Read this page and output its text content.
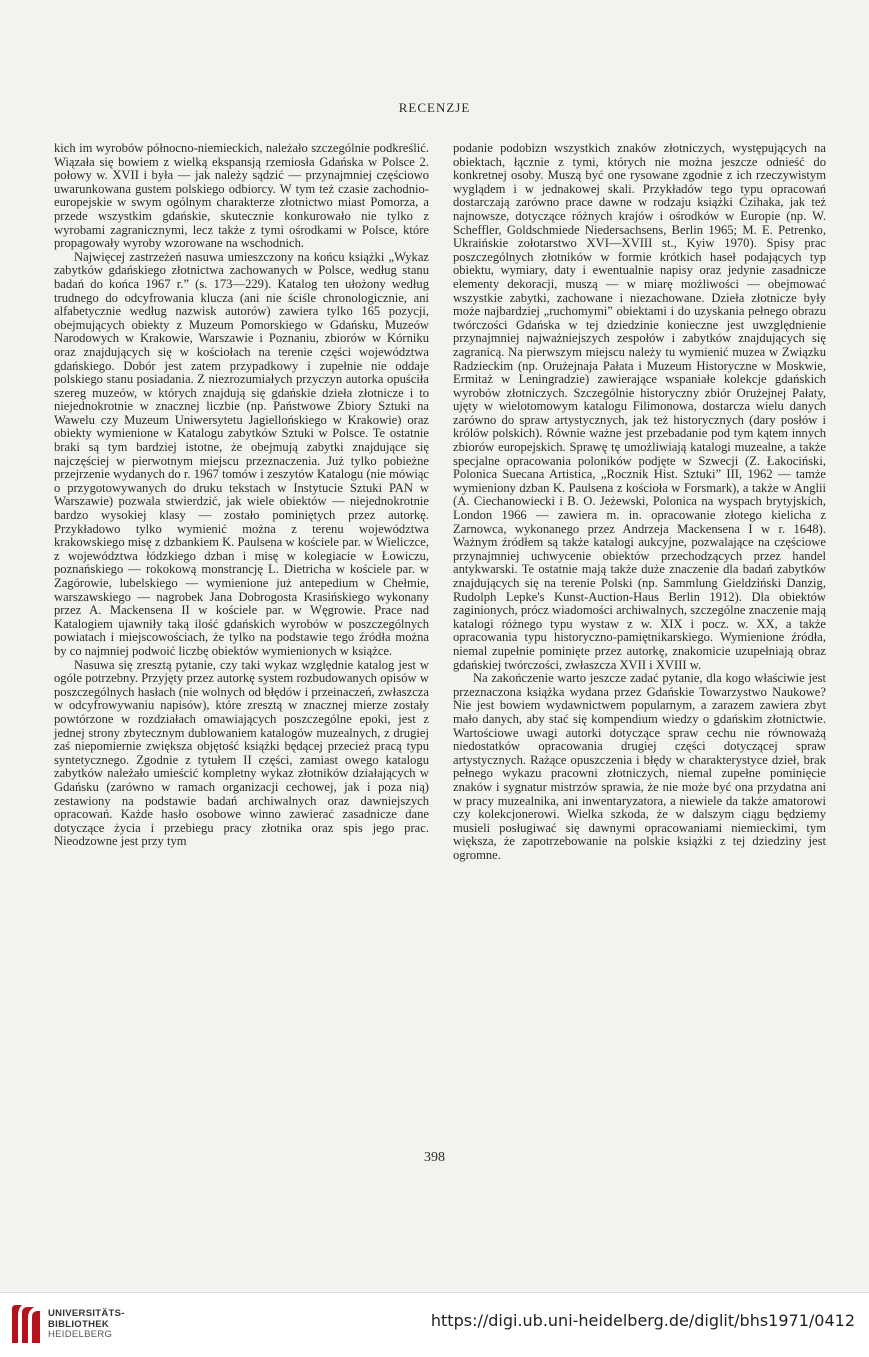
RECENZJE

kich im wyrobów północno-niemieckich, należało szczególnie podkreślić. Wiązała się bowiem z wielką ekspansją rzemiosła Gdańska w Polsce 2. połowy w. XVII i była — jak należy sądzić — przynajmniej częściowo uwarunkowana gustem polskiego odbiorcy. W tym też czasie zachodnio-europejskie w swym ogólnym charakterze złotnictwo miast Pomorza, a przede wszystkim gdańskie, skutecznie konkurowało nie tylko z wyrobami zagranicznymi, lecz także z tymi ośrodkami w Polsce, które propagowały wyroby wzorowane na wschodnich.

Najwięcej zastrzeżeń nasuwa umieszczony na końcu książki „Wykaz zabytków gdańskiego złotnictwa zachowanych w Polsce, według stanu badań do końca 1967 r.” (s. 173—229). Katalog ten ułożony według trudnego do odcyfrowania klucza (ani nie ściśle chronologicznie, ani alfabetycznie według nazwisk autorów) zawiera tylko 165 pozycji, obejmujących obiekty z Muzeum Pomorskiego w Gdańsku, Muzeów Narodowych w Krakowie, Warszawie i Poznaniu, zbiorów w Kórniku oraz znajdujących się w kościołach na terenie części województwa gdańskiego. Dobór jest zatem przypadkowy i zupełnie nie oddaje polskiego stanu posiadania. Z niezrozumiałych przyczyn autorka opuściła szereg muzeów, w których znajdują się gdańskie dzieła złotnicze i to niejednokrotnie w znacznej liczbie (np. Państwowe Zbiory Sztuki na Wawelu czy Muzeum Uniwersytetu Jagiellońskiego w Krakowie) oraz obiekty wymienione w Katalogu zabytków Sztuki w Polsce. Te ostatnie braki są tym bardziej istotne, że obejmują zabytki znajdujące się najczęściej w pierwotnym miejscu przeznaczenia. Już tylko pobieżne przejrzenie wydanych do r. 1967 tomów i zeszytów Katalogu (nie mówiąc o przygotowywanych do druku tekstach w Instytucie Sztuki PAN w Warszawie) pozwala stwierdzić, jak wiele obiektów — niejednokrotnie bardzo wysokiej klasy — zostało pominiętych przez autorkę. Przykładowo tylko wymienić można z terenu województwa krakowskiego misę z dzbankiem K. Paulsena w kościele par. w Wieliczce, z województwa łódzkiego dzban i misę w kolegiacie w Łowiczu, poznańskiego — rokokową monstrancję L. Dietricha w kościele par. w Zagórowie, lubelskiego — wymienione już antepedium w Chełmie, warszawskiego — nagrobek Jana Dobrogosta Krasińskiego wykonany przez A. Mackensena II w kościele par. w Węgrowie. Prace nad Katalogiem ujawniły taką ilość gdańskich wyrobów w poszczególnych powiatach i miejscowościach, że tylko na podstawie tego źródła można by co najmniej podwoić liczbę obiektów wymienionych w książce.

Nasuwa się zresztą pytanie, czy taki wykaz względnie katalog jest w ogóle potrzebny. Przyjęty przez autorkę system rozbudowanych opisów w poszczególnych hasłach (nie wolnych od błędów i przeinaczeń, zwłaszcza w odcyfrowywaniu napisów), które zresztą w znacznej mierze zostały powtórzone w rozdziałach omawiających poszczególne epoki, jest z jednej strony zbytecznym dublowaniem katalogów muzealnych, z drugiej zaś niepomiernie zwiększa objętość książki będącej przecież pracą typu syntetycznego. Zgodnie z tytułem II części, zamiast owego katalogu zabytków należało umieścić kompletny wykaz złotników działających w Gdańsku (zarówno w ramach organizacji cechowej, jak i poza nią) zestawiony na podstawie badań archiwalnych oraz dawniejszych opracowań. Każde hasło osobowe winno zawierać zasadnicze dane dotyczące życia i przebiegu pracy złotnika oraz spis jego prac. Nieodzowne jest przy tym

podanie podobizn wszystkich znaków złotniczych, występujących na obiektach, łącznie z tymi, których nie można jeszcze odnieść do konkretnej osoby. Muszą być one rysowane zgodnie z ich rzeczywistym wyglądem i w jednakowej skali. Przykładów tego typu opracowań dostarczają zarówno prace dawne w rodzaju książki Czihaka, jak też najnowsze, dotyczące różnych krajów i ośrodków w Europie (np. W. Scheffler, Goldschmiede Niedersachsens, Berlin 1965; M. E. Petrenko, Ukraińskie zołotarstwo XVI—XVIII st., Kyiw 1970). Spisy prac poszczególnych złotników w formie krótkich haseł podających typ obiektu, wymiary, daty i ewentualnie napisy oraz jedynie zasadnicze elementy dekoracji, muszą — w miarę możliwości — obejmować wszystkie zabytki, zachowane i niezachowane. Dzieła złotnicze były może najbardziej „ruchomymi” obiektami i do uzyskania pełnego obrazu twórczości Gdańska w tej dziedzinie konieczne jest uwzględnienie przynajmniej najważniejszych zespołów i zabytków znajdujących się zagranicą. Na pierwszym miejscu należy tu wymienić muzea w Związku Radzieckim (np. Orużejnaja Pałata i Muzeum Historyczne w Moskwie, Ermitaż w Leningradzie) zawierające wspaniałe kolekcje gdańskich wyrobów złotniczych. Szczególnie historyczny zbiór Orużejnej Pałaty, ujęty w wielotomowym katalogu Filimonowa, dostarcza wielu danych zarówno do spraw artystycznych, jak też historycznych (dary posłów i królów polskich). Równie ważne jest przebadanie pod tym kątem innych zbiorów europejskich. Sprawę tę umożliwiają katalogi muzealne, a także specjalne opracowania poloników podjęte w Szwecji (Z. Łakociński, Polonica Suecana Artistica, „Rocznik Hist. Sztuki” III, 1962 — tamże wymieniony dzban K. Paulsena z kościoła w Forsmark), a także w Anglii (A. Ciechanowiecki i B. O. Jeżewski, Polonica na wyspach brytyjskich, London 1966 — zawiera m. in. opracowanie złotego kielicha z Zarnowca, wykonanego przez Andrzeja Mackensena I w r. 1648). Ważnym źródłem są także katalogi aukcyjne, pozwalające na częściowe przynajmniej uchwycenie obiektów przechodzących przez handel antykwarski. Te ostatnie mają także duże znaczenie dla badań zabytków znajdujących się na terenie Polski (np. Sammlung Gieldziński Danzig, Rudolph Lepke's Kunst-Auction-Haus Berlin 1912). Dla obiektów zaginionych, prócz wiadomości archiwalnych, szczególne znaczenie mają katalogi różnego typu wystaw z w. XIX i pocz. w. XX, a także opracowania typu historyczno-pamiętnikarskiego. Wymienione źródła, niemal zupełnie pominięte przez autorkę, znakomicie uzupełniają obraz gdańskiej twórczości, zwłaszcza XVII i XVIII w.

Na zakończenie warto jeszcze zadać pytanie, dla kogo właściwie jest przeznaczona książka wydana przez Gdańskie Towarzystwo Naukowe? Nie jest bowiem wydawnictwem popularnym, a zarazem zawiera zbyt mało danych, aby stać się kompendium wiedzy o gdańskim złotnictwie. Wartościowe uwagi autorki dotyczące spraw cechu nie równoważą niedostatków opracowania drugiej części dotyczącej spraw artystycznych. Rażące opuszczenia i błędy w charakterystyce dzieł, brak pełnego wykazu pracowni złotniczych, niemal zupełne pominięcie znaków i sygnatur mistrzów sprawia, że nie może być ona przydatna ani w pracy muzealnika, ani inwentaryzatora, a niewiele da także amatorowi czy kolekcjonerowi. Wielka szkoda, że w dalszym ciągu będziemy musieli posługiwać się dawnymi opracowaniami niemieckimi, tym większa, że zapotrzebowanie na polskie książki z tej dziedziny jest ogromne.

398
UNIVERSITÄTS-
BIBLIOTHEK
HEIDELBERG
https://digi.ub.uni-heidelberg.de/diglit/bhs1971/0412
